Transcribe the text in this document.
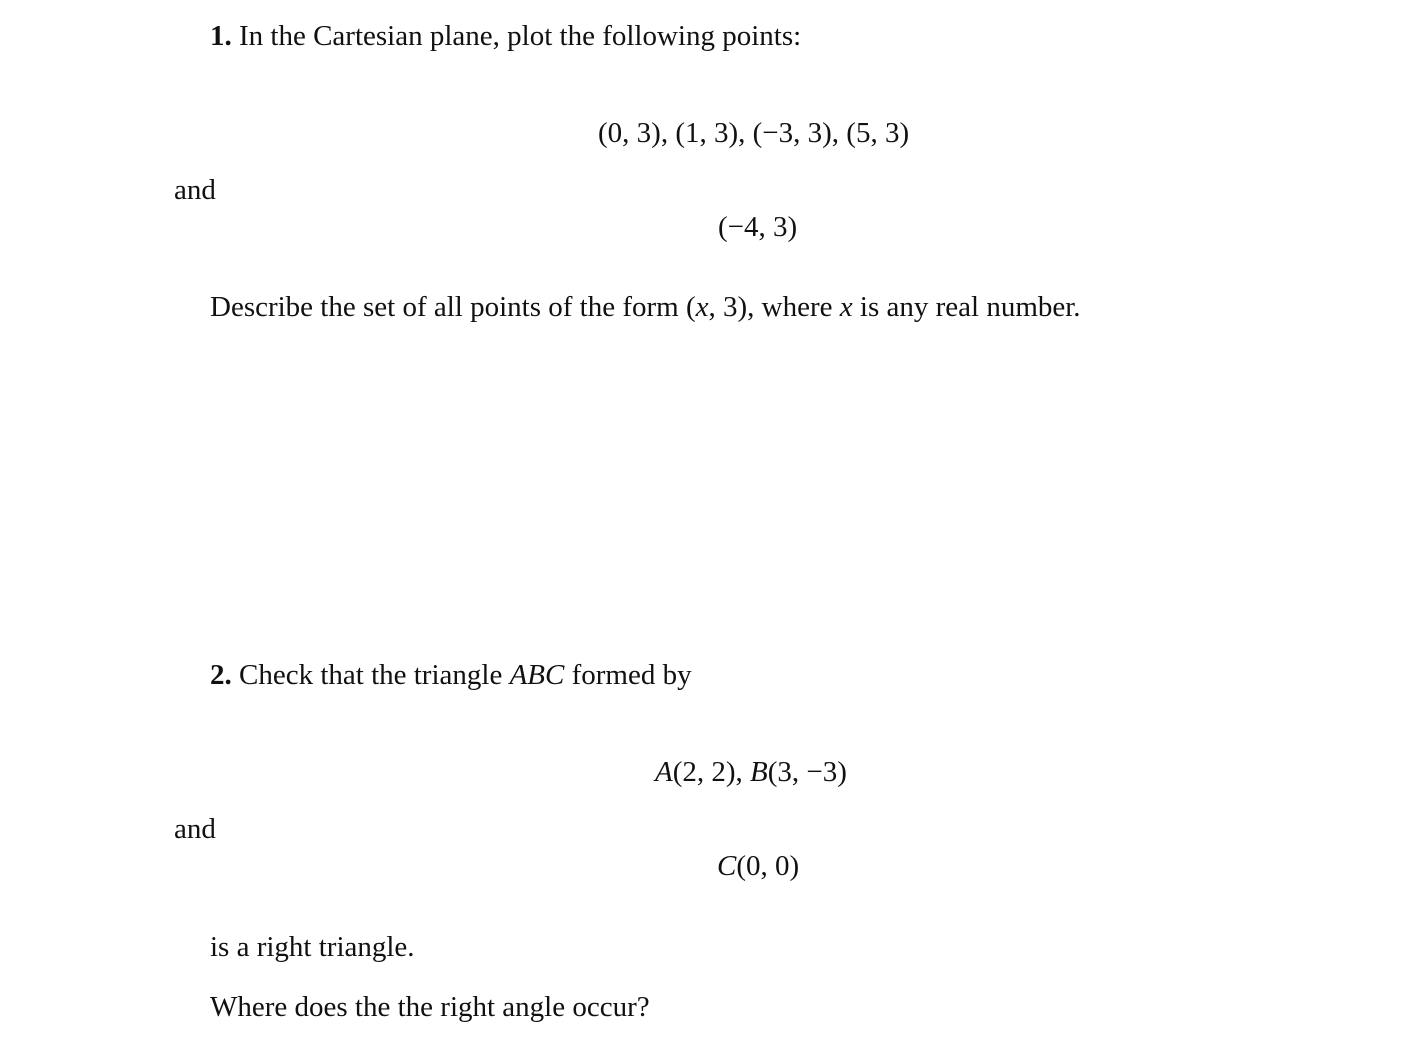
1. In the Cartesian plane, plot the following points:
(0, 3), (1, 3), (−3, 3), (5, 3)
and
(−4, 3)
Describe the set of all points of the form (x, 3), where x is any real number.
2. Check that the triangle ABC formed by
A(2, 2), B(3, −3)
and
C(0, 0)
is a right triangle.
Where does the the right angle occur?
